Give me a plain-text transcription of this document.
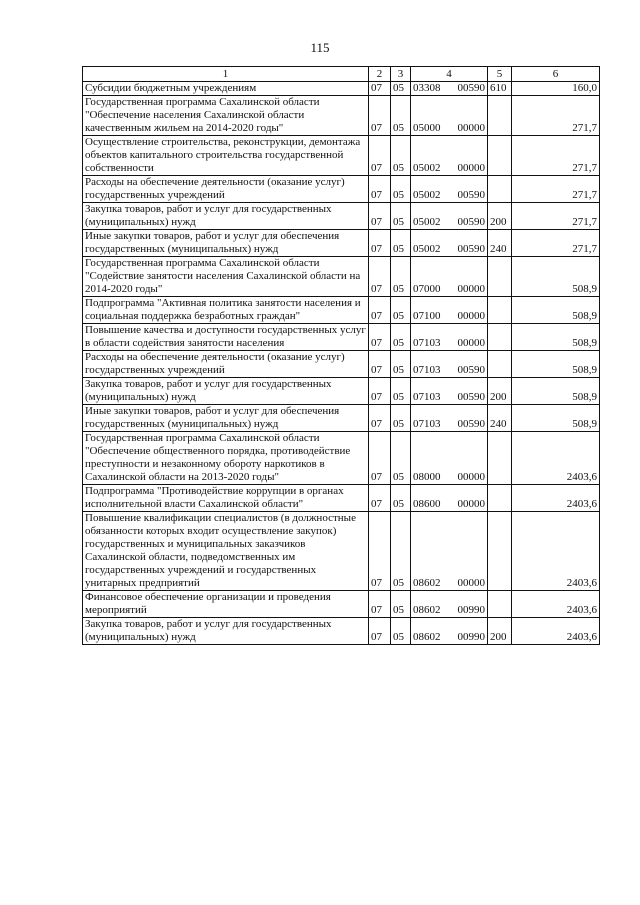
115
1	2	3	4	5	6
Субсидии бюджетным учреждениям	07	05	03308 00590	610	160,0
Государственная программа Сахалинской области "Обеспечение населения Сахалинской области качественным жильем на 2014-2020 годы"	07	05	05000 00000		271,7
Осуществление строительства, реконструкции, демонтажа объектов капитального строительства государственной собственности	07	05	05002 00000		271,7
Расходы на обеспечение деятельности (оказание услуг) государственных учреждений	07	05	05002 00590		271,7
Закупка товаров, работ и услуг для государственных (муниципальных) нужд	07	05	05002 00590	200	271,7
Иные закупки товаров, работ и услуг для обеспечения государственных (муниципальных) нужд	07	05	05002 00590	240	271,7
Государственная программа Сахалинской области "Содействие занятости населения Сахалинской области на 2014-2020 годы"	07	05	07000 00000		508,9
Подпрограмма "Активная политика занятости населения и социальная поддержка безработных граждан"	07	05	07100 00000		508,9
Повышение качества и доступности государственных услуг в области содействия занятости населения	07	05	07103 00000		508,9
Расходы на обеспечение деятельности (оказание услуг) государственных учреждений	07	05	07103 00590		508,9
Закупка товаров, работ и услуг для государственных (муниципальных) нужд	07	05	07103 00590	200	508,9
Иные закупки товаров, работ и услуг для обеспечения государственных (муниципальных) нужд	07	05	07103 00590	240	508,9
Государственная программа Сахалинской области "Обеспечение общественного порядка, противодействие преступности и незаконному обороту наркотиков в Сахалинской области на 2013-2020 годы"	07	05	08000 00000		2403,6
Подпрограмма "Противодействие коррупции в органах исполнительной власти Сахалинской области"	07	05	08600 00000		2403,6
Повышение квалификации специалистов (в должностные обязанности которых входит осуществление закупок) государственных и муниципальных заказчиков Сахалинской области, подведомственных им государственных учреждений и государственных унитарных предприятий	07	05	08602 00000		2403,6
Финансовое обеспечение организации и проведения мероприятий	07	05	08602 00990		2403,6
Закупка товаров, работ и услуг для государственных (муниципальных) нужд	07	05	08602 00990	200	2403,6
